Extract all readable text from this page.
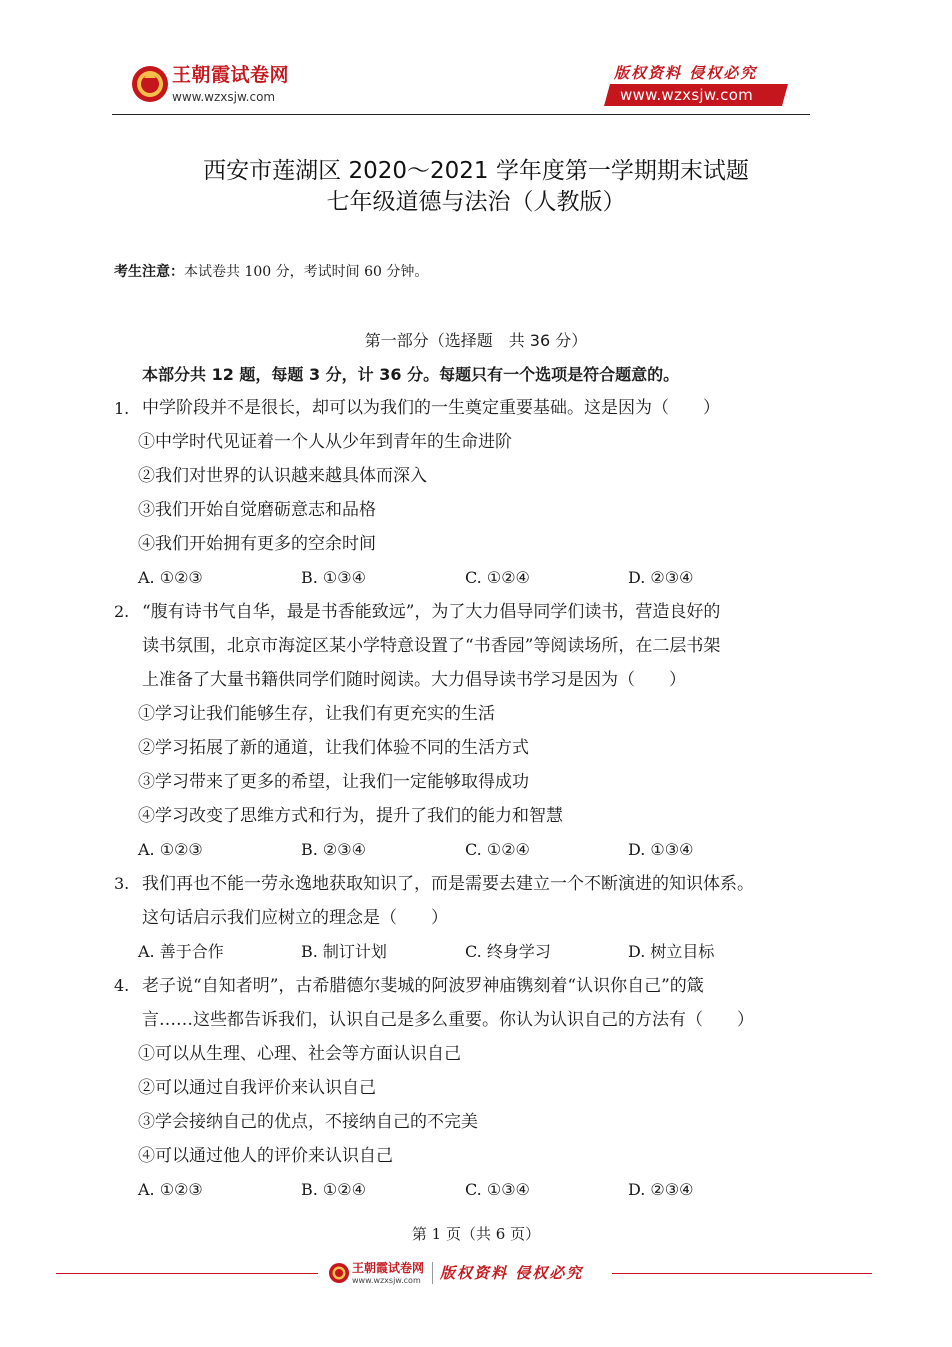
王朝霞试卷网
www.wzxsjw.com
版权资料 侵权必究
www.wzxsjw.com
西安市莲湖区 2020～2021 学年度第一学期期末试题
七年级道德与法治（人教版）
考生注意：本试卷共 100 分，考试时间 60 分钟。
第一部分（选择题　共 36 分）
本部分共 12 题，每题 3 分，计 36 分。每题只有一个选项是符合题意的。
1. 中学阶段并不是很长，却可以为我们的一生奠定重要基础。这是因为（　　）
①中学时代见证着一个人从少年到青年的生命进阶
②我们对世界的认识越来越具体而深入
③我们开始自觉磨砺意志和品格
④我们开始拥有更多的空余时间
A. ①②③	B. ①③④	C. ①②④	D. ②③④
2. “腹有诗书气自华，最是书香能致远”，为了大力倡导同学们读书，营造良好的
读书氛围，北京市海淀区某小学特意设置了“书香园”等阅读场所，在二层书架
上准备了大量书籍供同学们随时阅读。大力倡导读书学习是因为（　　）
①学习让我们能够生存，让我们有更充实的生活
②学习拓展了新的通道，让我们体验不同的生活方式
③学习带来了更多的希望，让我们一定能够取得成功
④学习改变了思维方式和行为，提升了我们的能力和智慧
A. ①②③	B. ②③④	C. ①②④	D. ①③④
3. 我们再也不能一劳永逸地获取知识了，而是需要去建立一个不断演进的知识体系。
这句话启示我们应树立的理念是（　　）
A. 善于合作	B. 制订计划	C. 终身学习	D. 树立目标
4. 老子说“自知者明”，古希腊德尔斐城的阿波罗神庙镌刻着“认识你自己”的箴
言……这些都告诉我们，认识自己是多么重要。你认为认识自己的方法有（　　）
①可以从生理、心理、社会等方面认识自己
②可以通过自我评价来认识自己
③学会接纳自己的优点，不接纳自己的不完美
④可以通过他人的评价来认识自己
A. ①②③	B. ①②④	C. ①③④	D. ②③④
第 1 页（共 6 页）
王朝霞试卷网
www.wzxsjw.com 版权资料 侵权必究
